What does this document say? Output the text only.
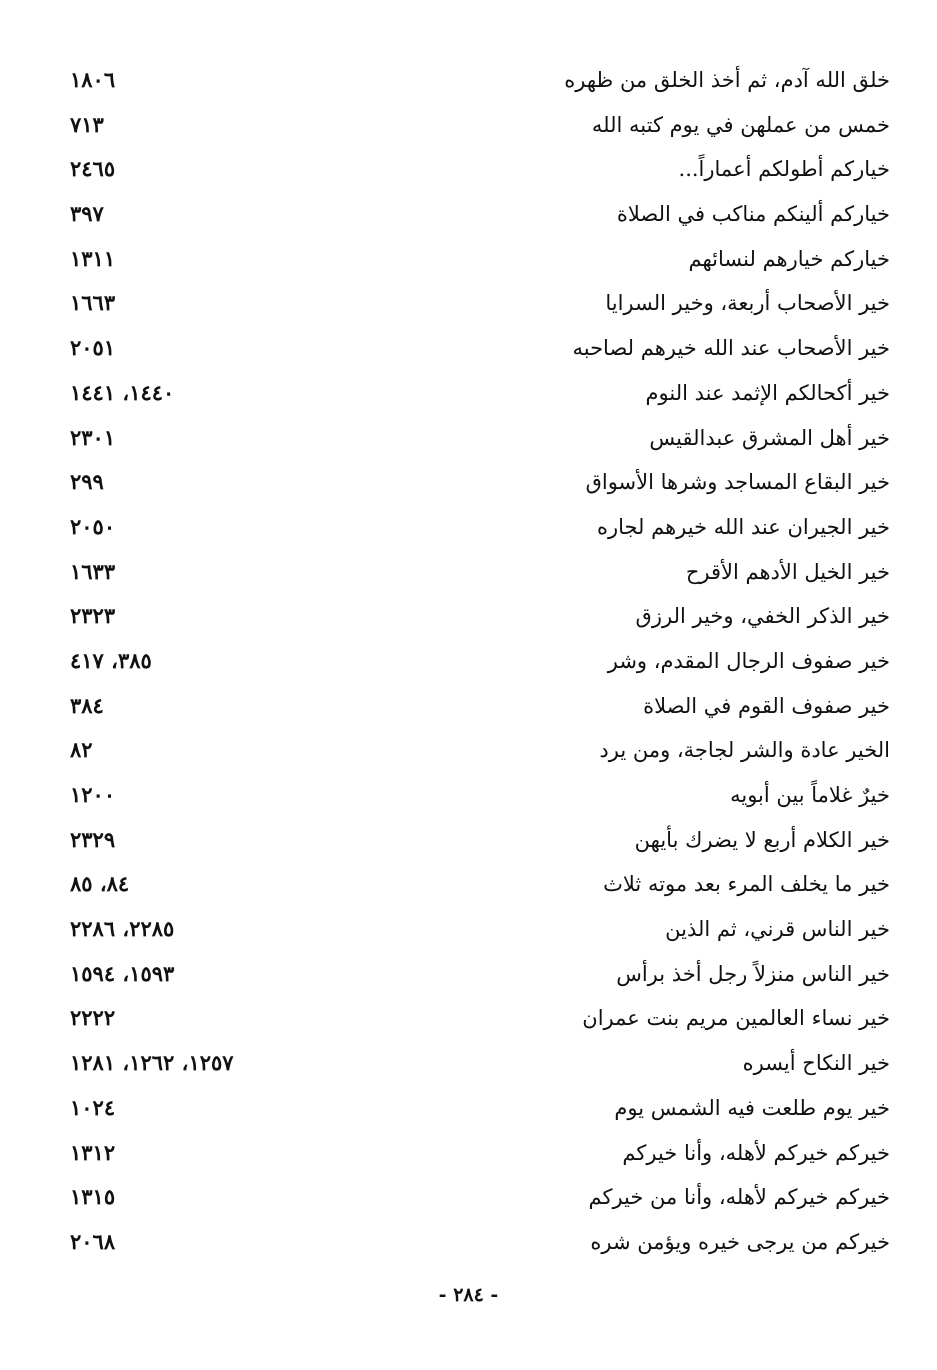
خلق الله آدم، ثم أخذ الخلق من ظهره
١٨٠٦
خمس من عملهن في يوم كتبه الله
٧١٣
خياركم أطولكم أعماراً...
٢٤٦٥
خياركم ألينكم مناكب في الصلاة
٣٩٧
خياركم خيارهم لنسائهم
١٣١١
خير الأصحاب أربعة، وخير السرايا
١٦٦٣
خير الأصحاب عند الله خيرهم لصاحبه
٢٠٥١
خير أكحالكم الإثمد عند النوم
١٤٤٠، ١٤٤١
خير أهل المشرق عبدالقيس
٢٣٠١
خير البقاع المساجد وشرها الأسواق
٢٩٩
خير الجيران عند الله خيرهم لجاره
٢٠٥٠
خير الخيل الأدهم الأقرح
١٦٣٣
خير الذكر الخفي، وخير الرزق
٢٣٢٣
خير صفوف الرجال المقدم، وشر
٣٨٥، ٤١٧
خير صفوف القوم في الصلاة
٣٨٤
الخير عادة والشر لجاجة، ومن يرد
٨٢
خيرٌ غلاماً بين أبويه
١٢٠٠
خير الكلام أربع لا يضرك بأيهن
٢٣٢٩
خير ما يخلف المرء بعد موته ثلاث
٨٤، ٨٥
خير الناس قرني، ثم الذين
٢٢٨٥، ٢٢٨٦
خير الناس منزلاً رجل أخذ برأس
١٥٩٣، ١٥٩٤
خير نساء العالمين مريم بنت عمران
٢٢٢٢
خير النكاح أيسره
١٢٥٧، ١٢٦٢، ١٢٨١
خير يوم طلعت فيه الشمس يوم
١٠٢٤
خيركم خيركم لأهله، وأنا خيركم
١٣١٢
خيركم خيركم لأهله، وأنا من خيركم
١٣١٥
خيركم من يرجى خيره ويؤمن شره
٢٠٦٨
- ٢٨٤ -
